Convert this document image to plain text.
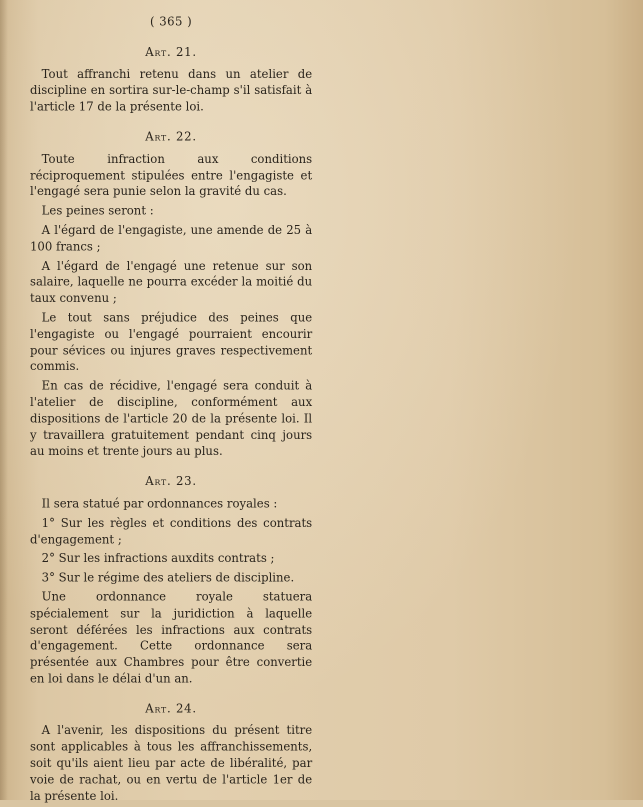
( 365 )
Art. 21.

Tout affranchi retenu dans un atelier de discipline en sortira sur-le-champ s'il satisfait à l'article 17 de la présente loi.

Art. 22.

Toute infraction aux conditions réciproquement stipulées entre l'engagiste et l'engagé sera punie selon la gravité du cas.

Les peines seront :

A l'égard de l'engagiste, une amende de 25 à 100 francs ;

A l'égard de l'engagé une retenue sur son salaire, laquelle ne pourra excéder la moitié du taux convenu ;

Le tout sans préjudice des peines que l'engagiste ou l'engagé pourraient encourir pour sévices ou injures graves respectivement commis.

En cas de récidive, l'engagé sera conduit à l'atelier de discipline, conformément aux dispositions de l'article 20 de la présente loi. Il y travaillera gratuitement pendant cinq jours au moins et trente jours au plus.

Art. 23.

Il sera statué par ordonnances royales :

1° Sur les règles et conditions des contrats d'engagement ;

2° Sur les infractions auxdits contrats ;

3° Sur le régime des ateliers de discipline.

Une ordonnance royale statuera spécialement sur la juridiction à laquelle seront déférées les infractions aux contrats d'engagement. Cette ordonnance sera présentée aux Chambres pour être convertie en loi dans le délai d'un an.

Art. 24.

A l'avenir, les dispositions du présent titre sont applicables à tous les affranchissements, soit qu'ils aient lieu par acte de libéralité, par voie de rachat, ou en vertu de l'article 1er de la présente loi.
